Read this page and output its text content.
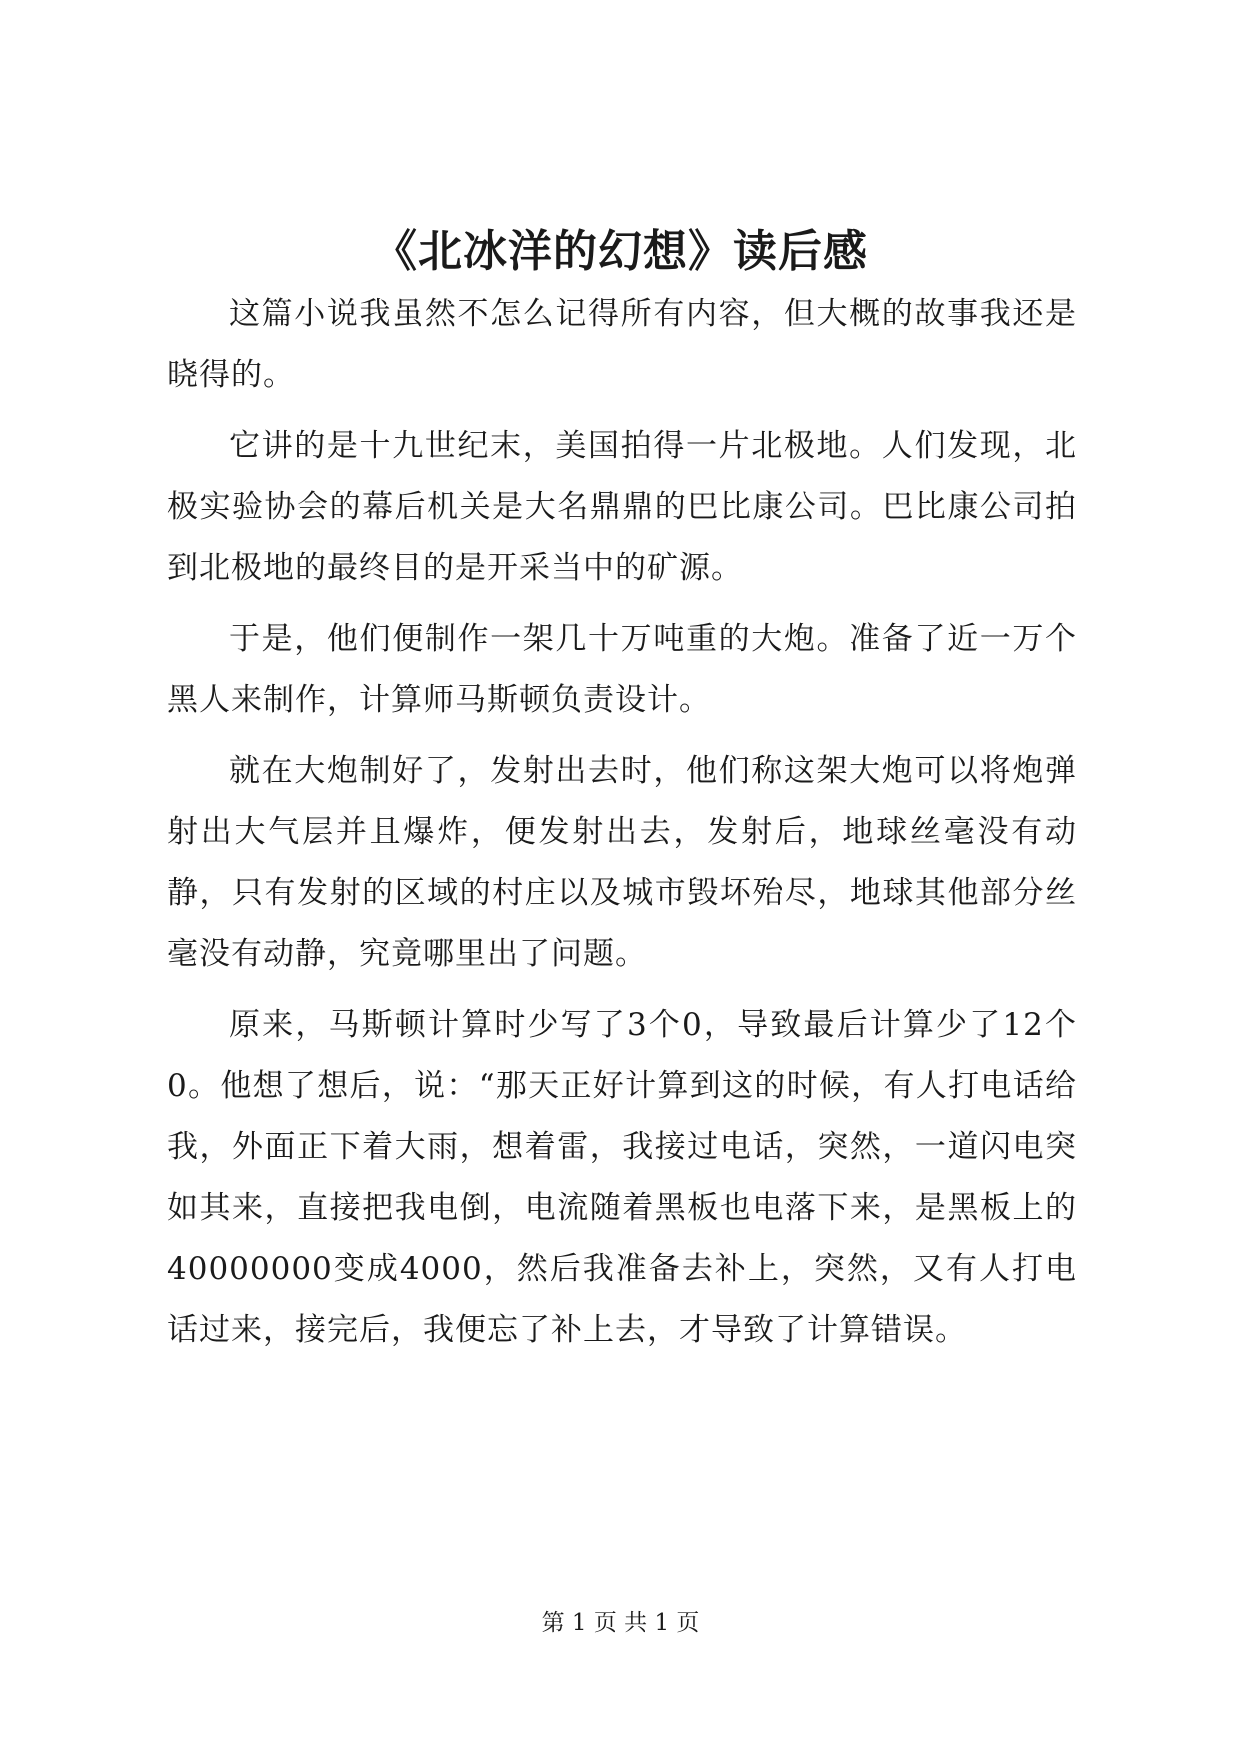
《北冰洋的幻想》读后感

这篇小说我虽然不怎么记得所有内容，但大概的故事我还是晓得的。

它讲的是十九世纪末，美国拍得一片北极地。人们发现，北极实验协会的幕后机关是大名鼎鼎的巴比康公司。巴比康公司拍到北极地的最终目的是开采当中的矿源。

于是，他们便制作一架几十万吨重的大炮。准备了近一万个黑人来制作，计算师马斯顿负责设计。

就在大炮制好了，发射出去时，他们称这架大炮可以将炮弹射出大气层并且爆炸，便发射出去，发射后，地球丝毫没有动静，只有发射的区域的村庄以及城市毁坏殆尽，地球其他部分丝毫没有动静，究竟哪里出了问题。

原来，马斯顿计算时少写了3个0，导致最后计算少了12个0。他想了想后，说：“那天正好计算到这的时候，有人打电话给我，外面正下着大雨，想着雷，我接过电话，突然，一道闪电突如其来，直接把我电倒，电流随着黑板也电落下来，是黑板上的40000000变成4000，然后我准备去补上，突然，又有人打电话过来，接完后，我便忘了补上去，才导致了计算错误。

第 1 页 共 1 页
